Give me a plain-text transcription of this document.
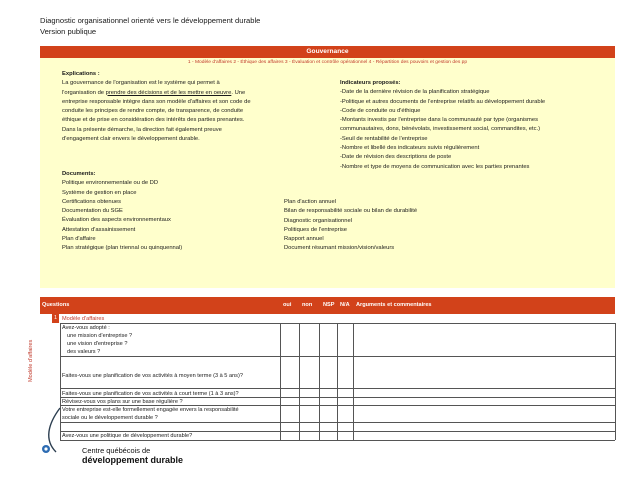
Diagnostic organisationnel orienté vers le développement durable
Version publique
Gouvernance
1 - Modèle d'affaires 2 - Éthique des affaires 3 - Évaluation et contrôle opérationnel 4 - Répartition des pouvoirs et gestion des pp
Explications :
La gouvernance de l'organisation est le système qui permet à
l'organisation de prendre des décisions et de les mettre en oeuvre. Une
entreprise responsable intègre dans son modèle d'affaires et son code de
conduite les principes de rendre compte, de transparence, de conduite
éthique et de prise en considération des intérêts des parties prenantes.
Dans la présente démarche, la direction fait également preuve
d'engagement clair envers le développement durable.
Indicateurs proposés:
-Date de la dernière révision de la planification stratégique
-Politique et autres documents de l'entreprise relatifs au développement durable
-Code de conduite ou d'éthique
-Montants investis par l'entreprise dans la communauté par type (organismes
communautaires, dons, bénévolats, investissement social, commandites, etc.)
-Seuil de rentabilité de l'entreprise
-Nombre et libellé des indicateurs suivis régulièrement
-Date de révision des descriptions de poste
-Nombre et type de moyens de communication avec les parties prenantes
Documents:
Politique environnementale ou de DD
Système de gestion en place
Certifications obtenues
Documentation du SGE
Évaluation des aspects environnementaux
Attestation d'assainissement
Plan d'affaire
Plan stratégique (plan triennal ou quinquennal)
Plan d'action annuel
Bilan de responsabilité sociale ou bilan de durabilité
Diagnostic organisationnel
Politiques de l'entreprise
Rapport annuel
Document résumant mission/vision/valeurs
Questions	oui non NSP N/A Arguments et commentaires
1 Modèle d'affaires
Modèle d'affaires
Avez-vous adopté :
une mission d'entreprise ?
une vision d'entreprise ?
des valeurs ?
Faites-vous une planification de vos activités à moyen terme (3 à 5 ans)?
Faites-vous une planification de vos activités à court terme (1 à 3 ans)?
Révisez-vous vos plans sur une base régulière ?
Votre entreprise est-elle formellement engagée envers la responsabilité
sociale ou le développement durable ?
Avez-vous une politique de développement durable?
Centre québécois de
développement durable
